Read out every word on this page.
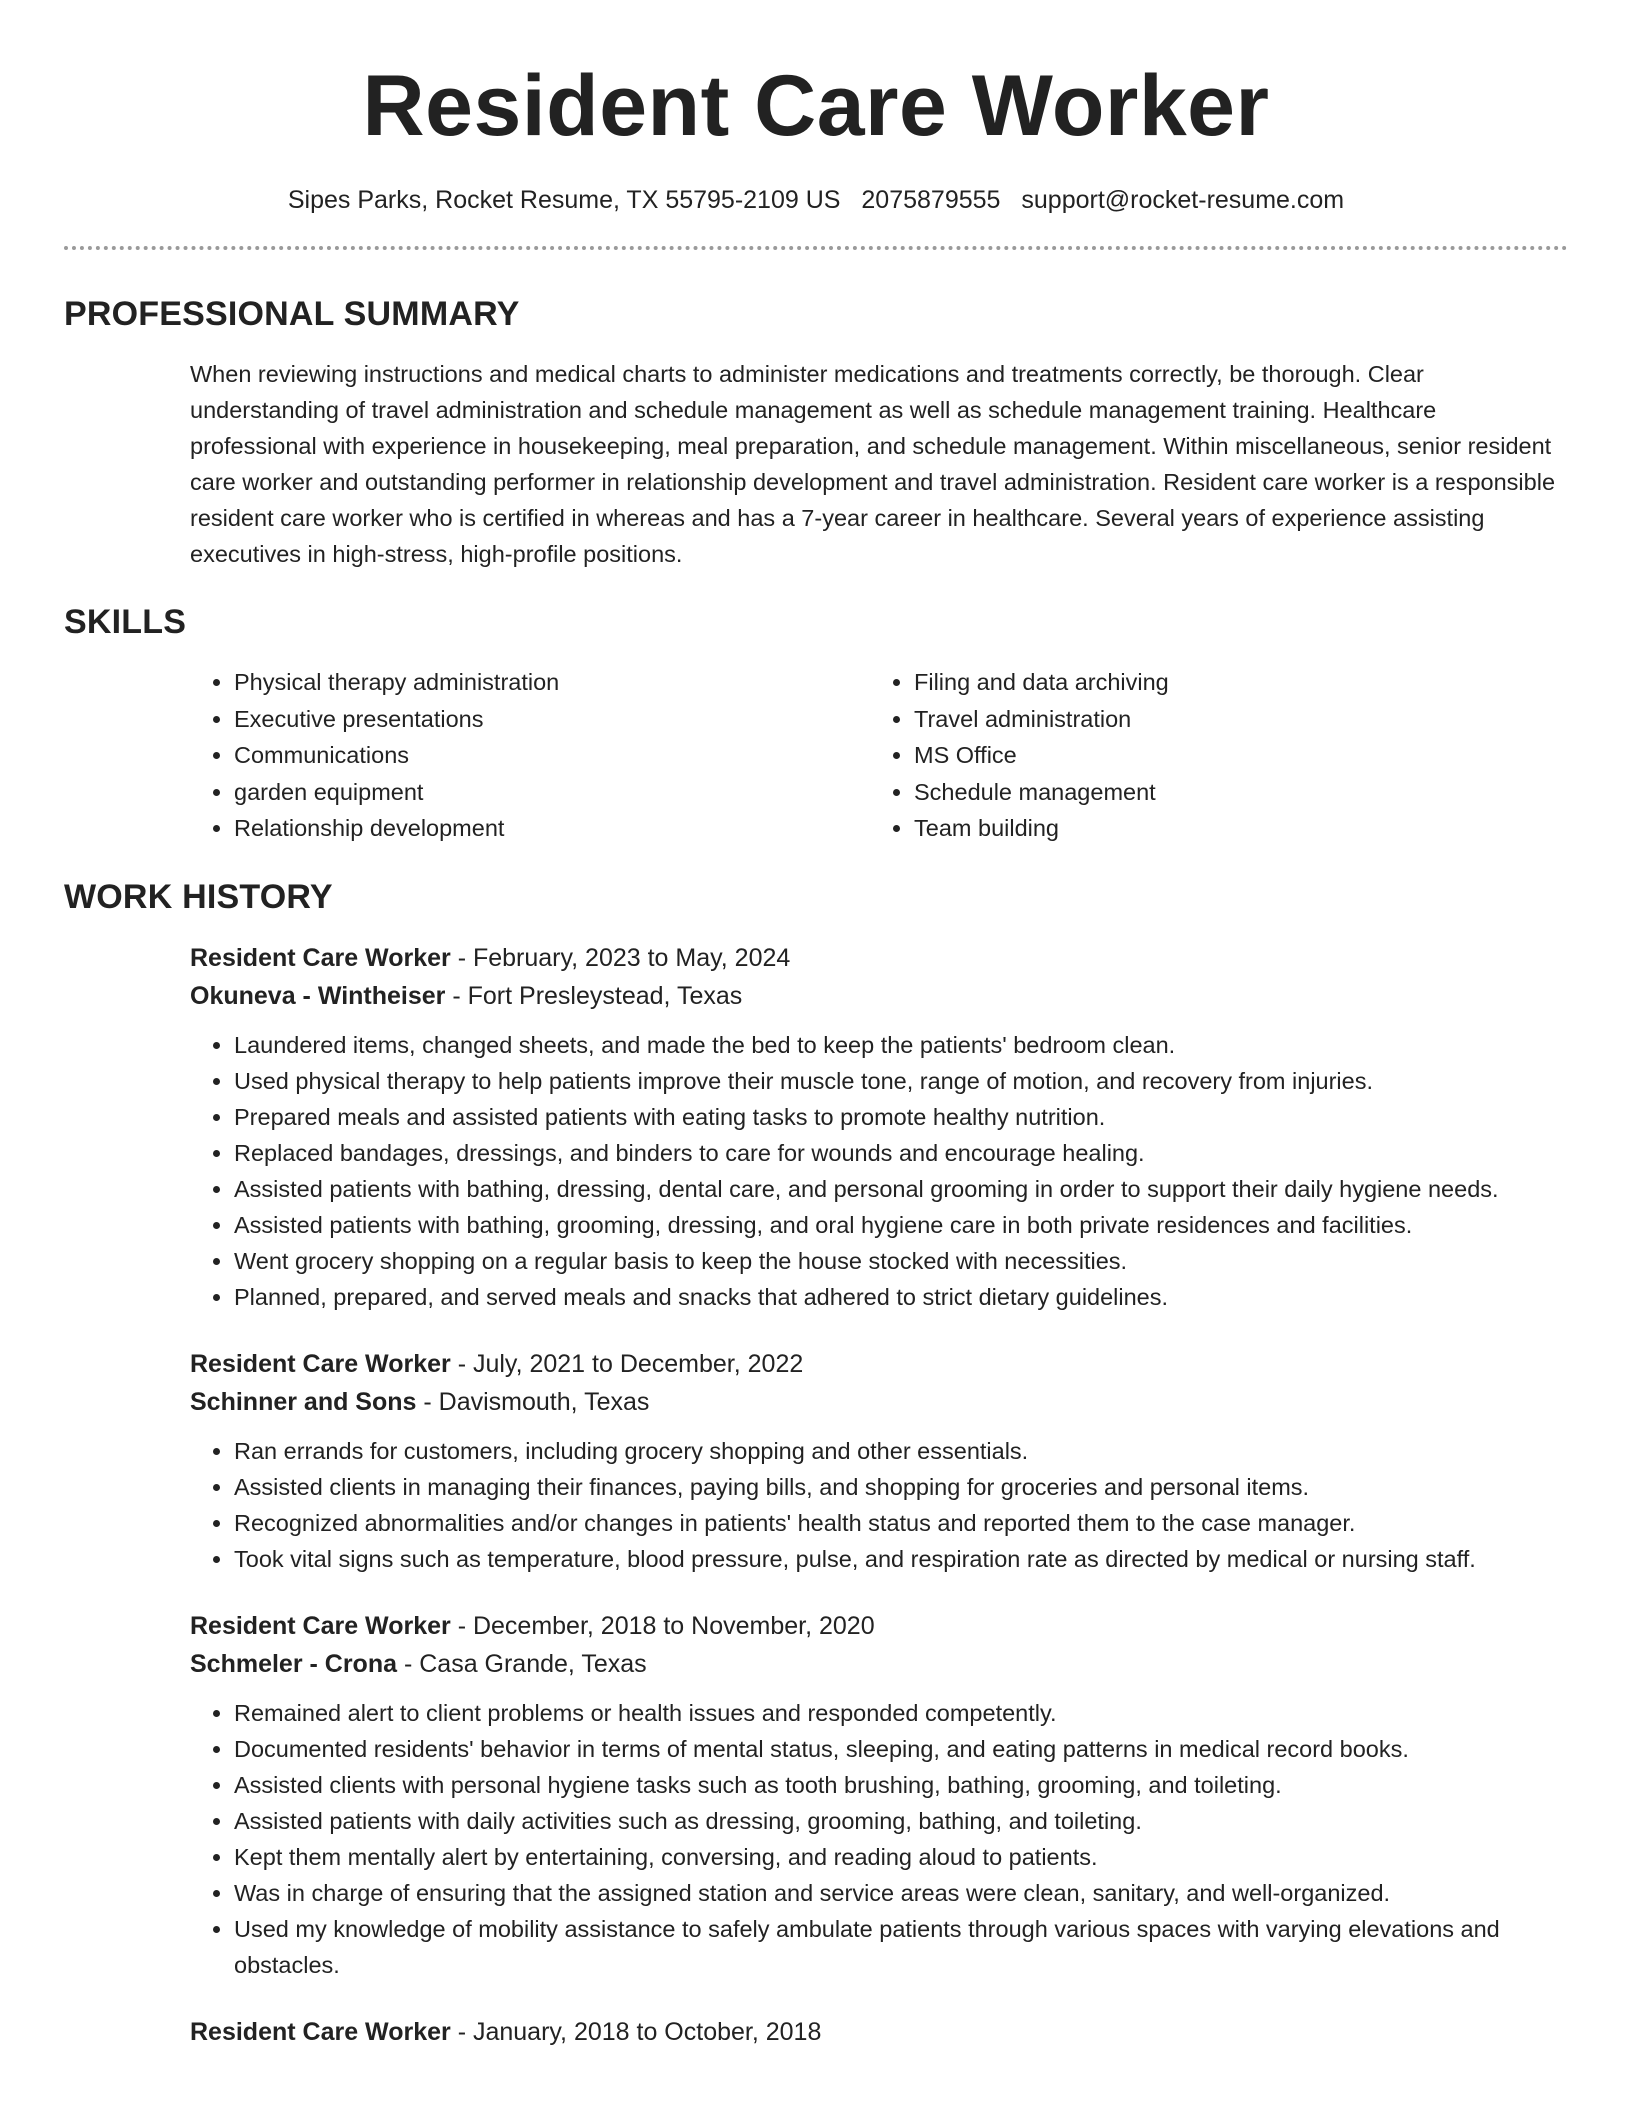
Resident Care Worker
Sipes Parks, Rocket Resume, TX 55795-2109 US 2075879555 support@rocket-resume.com
PROFESSIONAL SUMMARY
When reviewing instructions and medical charts to administer medications and treatments correctly, be thorough. Clear understanding of travel administration and schedule management as well as schedule management training. Healthcare professional with experience in housekeeping, meal preparation, and schedule management. Within miscellaneous, senior resident care worker and outstanding performer in relationship development and travel administration. Resident care worker is a responsible resident care worker who is certified in whereas and has a 7-year career in healthcare. Several years of experience assisting executives in high-stress, high-profile positions.
SKILLS
• Physical therapy administration
• Executive presentations
• Communications
• garden equipment
• Relationship development
• Filing and data archiving
• Travel administration
• MS Office
• Schedule management
• Team building
WORK HISTORY
Resident Care Worker - February, 2023 to May, 2024
Okuneva - Wintheiser - Fort Presleystead, Texas
• Laundered items, changed sheets, and made the bed to keep the patients' bedroom clean.
• Used physical therapy to help patients improve their muscle tone, range of motion, and recovery from injuries.
• Prepared meals and assisted patients with eating tasks to promote healthy nutrition.
• Replaced bandages, dressings, and binders to care for wounds and encourage healing.
• Assisted patients with bathing, dressing, dental care, and personal grooming in order to support their daily hygiene needs.
• Assisted patients with bathing, grooming, dressing, and oral hygiene care in both private residences and facilities.
• Went grocery shopping on a regular basis to keep the house stocked with necessities.
• Planned, prepared, and served meals and snacks that adhered to strict dietary guidelines.
Resident Care Worker - July, 2021 to December, 2022
Schinner and Sons - Davismouth, Texas
• Ran errands for customers, including grocery shopping and other essentials.
• Assisted clients in managing their finances, paying bills, and shopping for groceries and personal items.
• Recognized abnormalities and/or changes in patients' health status and reported them to the case manager.
• Took vital signs such as temperature, blood pressure, pulse, and respiration rate as directed by medical or nursing staff.
Resident Care Worker - December, 2018 to November, 2020
Schmeler - Crona - Casa Grande, Texas
• Remained alert to client problems or health issues and responded competently.
• Documented residents' behavior in terms of mental status, sleeping, and eating patterns in medical record books.
• Assisted clients with personal hygiene tasks such as tooth brushing, bathing, grooming, and toileting.
• Assisted patients with daily activities such as dressing, grooming, bathing, and toileting.
• Kept them mentally alert by entertaining, conversing, and reading aloud to patients.
• Was in charge of ensuring that the assigned station and service areas were clean, sanitary, and well-organized.
• Used my knowledge of mobility assistance to safely ambulate patients through various spaces with varying elevations and obstacles.
Resident Care Worker - January, 2018 to October, 2018
